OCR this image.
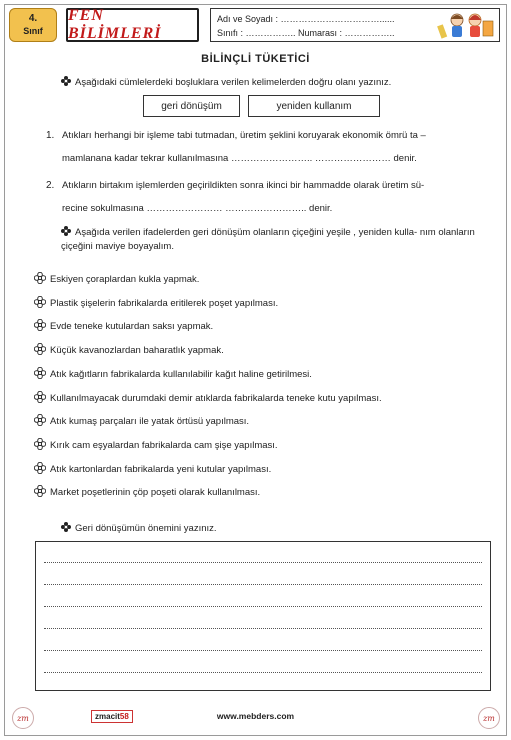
4.
Sınıf
FEN BİLİMLERİ
Adı ve Soyadı : ……………………………......
Sınıfı : …………….. Numarası : ……………..
BİLİNÇLİ TÜKETİCİ
Aşağıdaki cümlelerdeki boşluklara verilen kelimelerden doğru olanı yazınız.
geri dönüşüm	yeniden kullanım
1. Atıkları herhangi bir işleme tabi tutmadan, üretim şeklini koruyarak ekonomik ömrü ta –
mamlanana kadar tekrar kullanılmasına …………………….. …………………… denir.
2. Atıkların birtakım işlemlerden geçirildikten sonra ikinci bir hammadde olarak üretim sü-
recine sokulmasına …………………… …………………….. denir.
Aşağıda verilen ifadelerden geri dönüşüm olanların çiçeğini yeşile , yeniden kulla- nım olanların çiçeğini maviye boyayalım.
Eskiyen çoraplardan kukla yapmak.
Plastik şişelerin fabrikalarda eritilerek poşet yapılması.
Evde teneke kutulardan saksı yapmak.
Küçük kavanozlardan baharatlık yapmak.
Atık kağıtların fabrikalarda kullanılabilir kağıt haline getirilmesi.
Kullanılmayacak durumdaki demir atıklarda fabrikalarda teneke kutu yapılması.
Atık kumaş parçaları ile yatak örtüsü yapılması.
Kırık cam eşyalardan fabrikalarda cam şişe yapılması.
Atık kartonlardan fabrikalarda yeni kutular yapılması.
Market poşetlerinin çöp poşeti olarak kullanılması.
Geri dönüşümün önemini yazınız.
zm	zmacit58	www.mebders.com	zm
